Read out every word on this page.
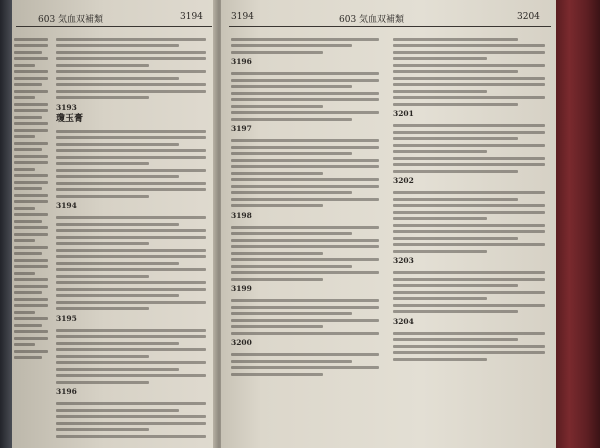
603 気血双補類	3194
3193
瓊玉膏
3194
3195
3196
3194	603 気血双補類	3204
3196
3197
3198
3199
3200
3201
3202
3203
3204
